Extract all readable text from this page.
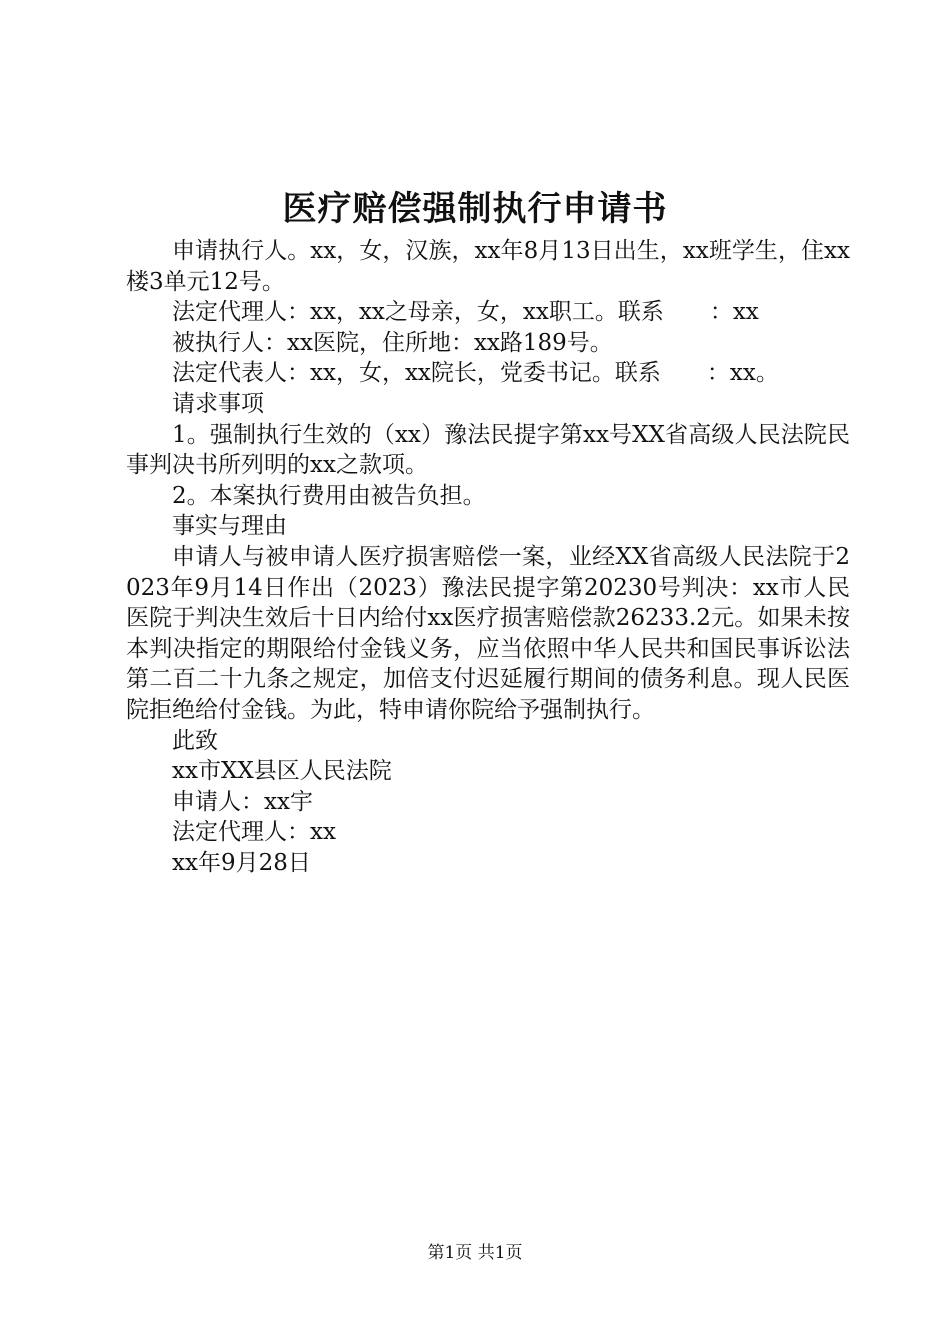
医疗赔偿强制执行申请书

申请执行人。xx，女，汉族，xx年8月13日出生，xx班学生，住xx楼3单元12号。

法定代理人：xx，xx之母亲，女，xx职工。联系　　：xx

被执行人：xx医院，住所地：xx路189号。

法定代表人：xx，女，xx院长，党委书记。联系　　：xx。

请求事项

1。强制执行生效的（xx）豫法民提字第xx号XX省高级人民法院民事判决书所列明的xx之款项。

2。本案执行费用由被告负担。

事实与理由

申请人与被申请人医疗损害赔偿一案，业经XX省高级人民法院于2023年9月14日作出（2023）豫法民提字第20230号判决：xx市人民医院于判决生效后十日内给付xx医疗损害赔偿款26233.2元。如果未按本判决指定的期限给付金钱义务，应当依照中华人民共和国民事诉讼法第二百二十九条之规定，加倍支付迟延履行期间的债务利息。现人民医院拒绝给付金钱。为此，特申请你院给予强制执行。

此致

xx市XX县区人民法院

申请人：xx宇

法定代理人：xx

xx年9月28日

第1页 共1页
